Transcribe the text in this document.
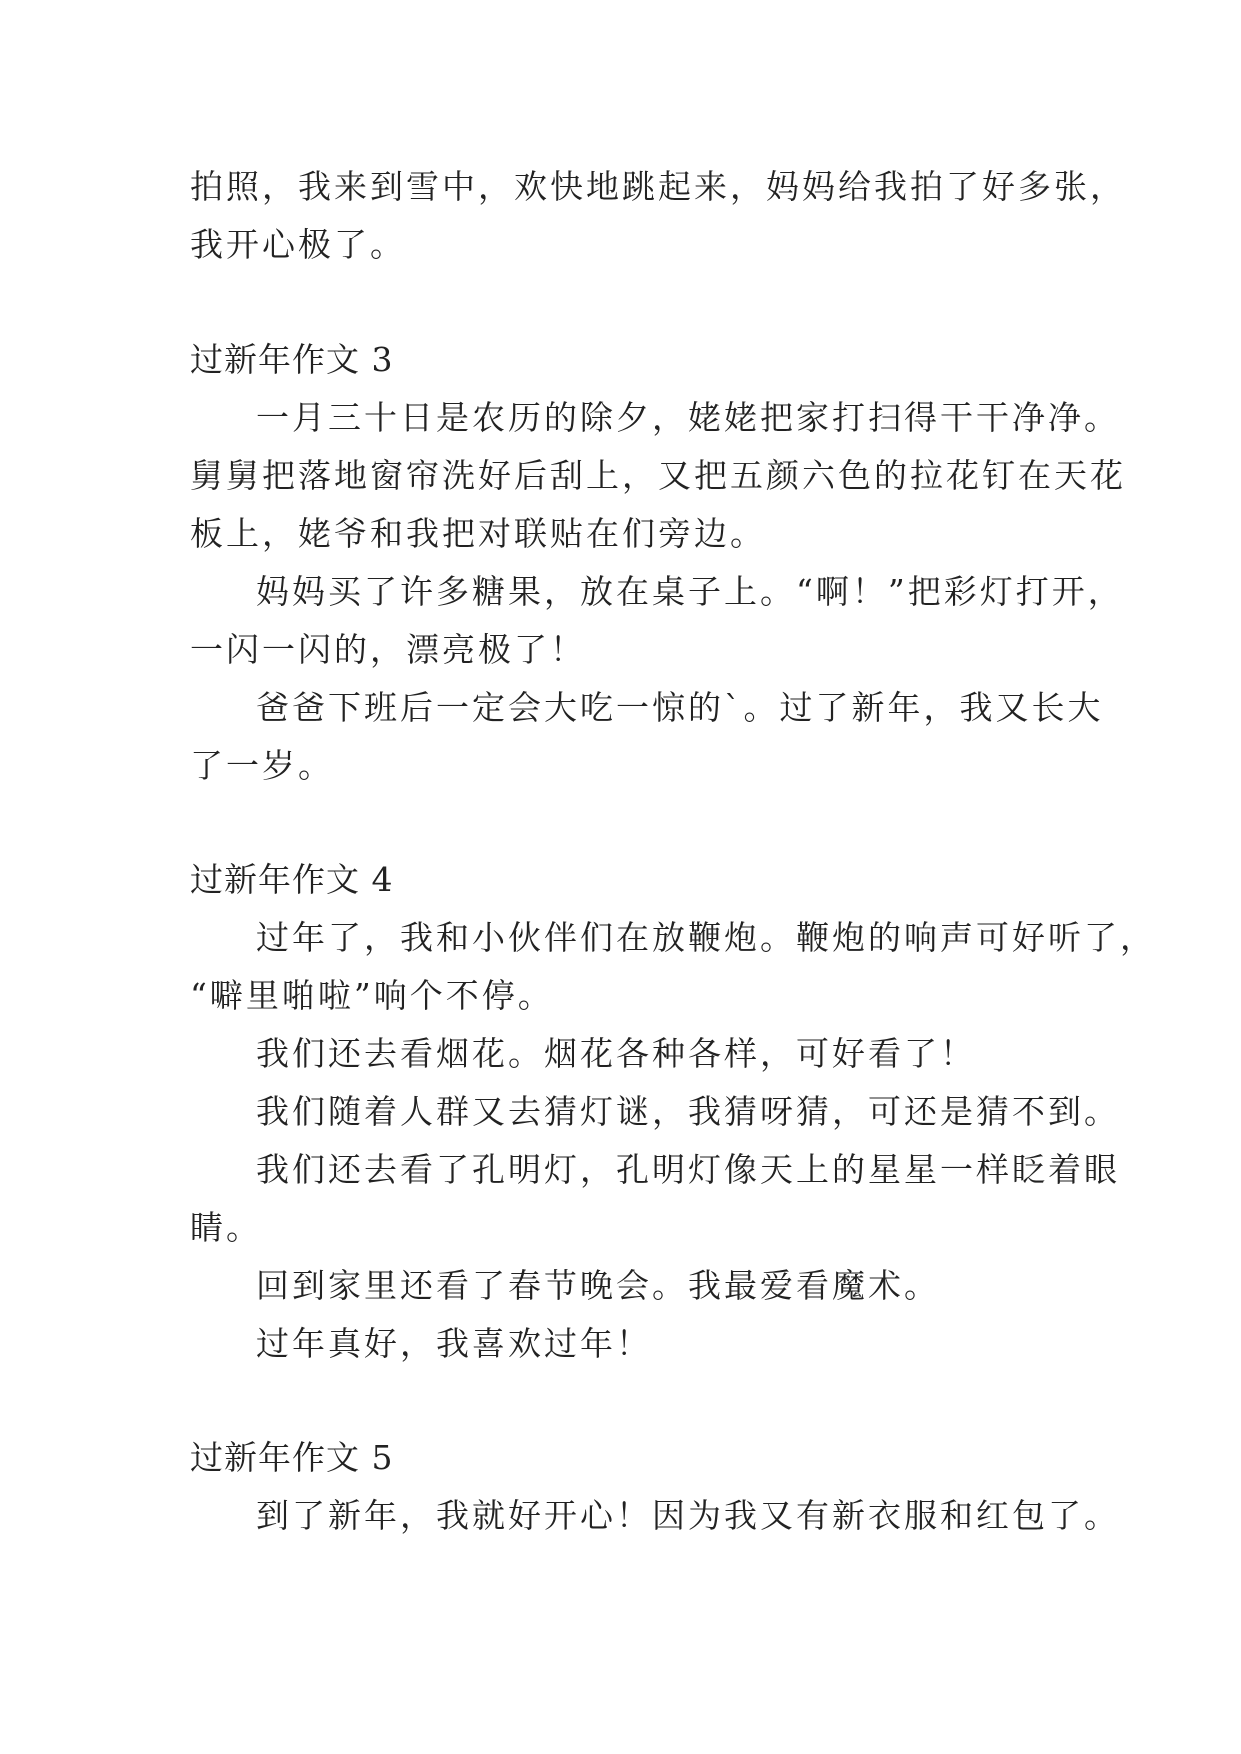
拍照，我来到雪中，欢快地跳起来，妈妈给我拍了好多张，
我开心极了。
过新年作文 3
一月三十日是农历的除夕，姥姥把家打扫得干干净净。
舅舅把落地窗帘洗好后刮上，又把五颜六色的拉花钉在天花
板上，姥爷和我把对联贴在们旁边。
妈妈买了许多糖果，放在桌子上。“啊！”把彩灯打开，
一闪一闪的，漂亮极了！
爸爸下班后一定会大吃一惊的`。过了新年，我又长大
了一岁。
过新年作文 4
过年了，我和小伙伴们在放鞭炮。鞭炮的响声可好听了，
“噼里啪啦”响个不停。
我们还去看烟花。烟花各种各样，可好看了！
我们随着人群又去猜灯谜，我猜呀猜，可还是猜不到。
我们还去看了孔明灯，孔明灯像天上的星星一样眨着眼
睛。
回到家里还看了春节晚会。我最爱看魔术。
过年真好，我喜欢过年！
过新年作文 5
到了新年，我就好开心！因为我又有新衣服和红包了。
